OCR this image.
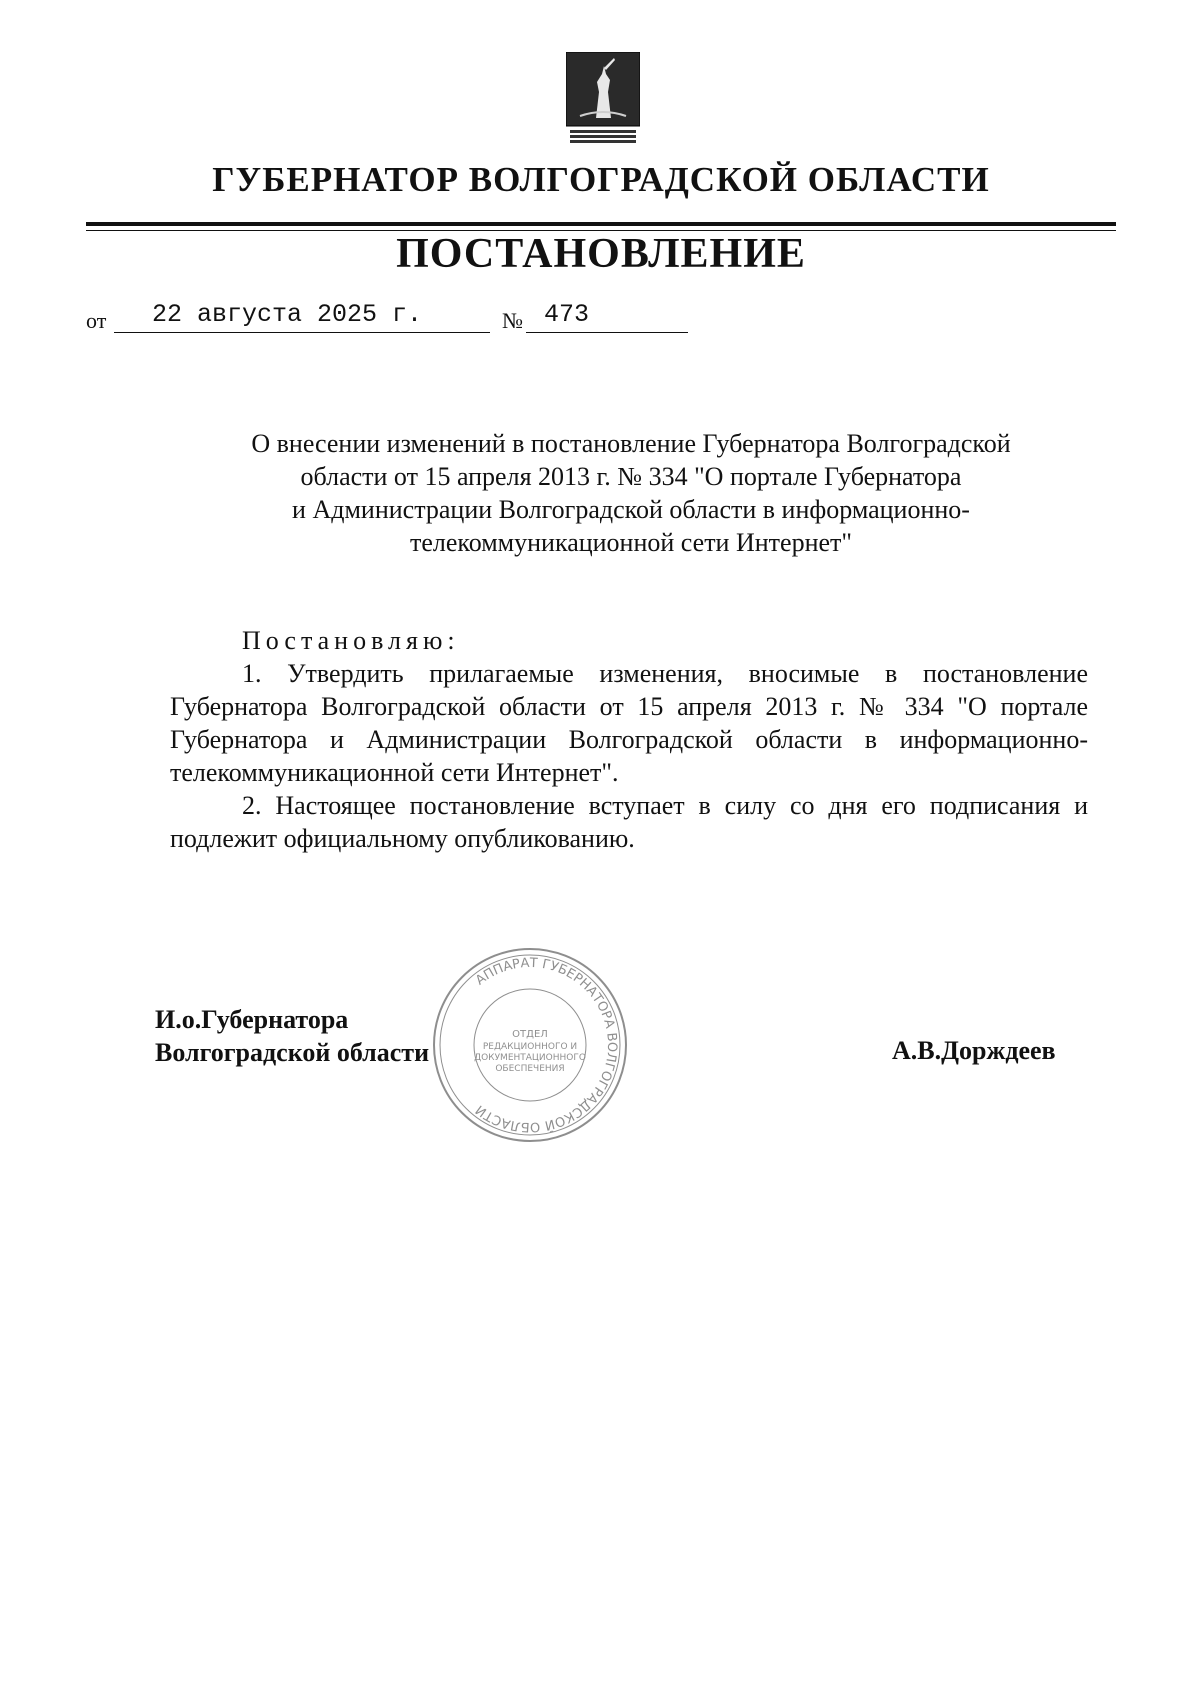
ГУБЕРНАТОР ВОЛГОГРАДСКОЙ ОБЛАСТИ
ПОСТАНОВЛЕНИЕ
от	22 августа 2025 г.	№ 473
О внесении изменений в постановление Губернатора Волгоградской
области от 15 апреля 2013 г. № 334 "О портале Губернатора
и Администрации Волгоградской области в информационно-
телекоммуникационной сети Интернет"
Постановляю:

1. Утвердить прилагаемые изменения, вносимые в постановление Губернатора Волгоградской области от 15 апреля 2013 г. № 334 "О портале Губернатора и Администрации Волгоградской области в информационно-телекоммуникационной сети Интернет".

2. Настоящее постановление вступает в силу со дня его подписания и подлежит официальному опубликованию.

ОТДЕЛ
РЕДАКЦИОННОГО И
ДОКУМЕНТАЦИОННОГО
ОБЕСПЕЧЕНИЯ
АППАРАТ ГУБЕРНАТОРА ВОЛГОГРАДСКОЙ ОБЛАСТИ
И.о.Губернатора
Волгоградской области	А.В.Дорждеев
